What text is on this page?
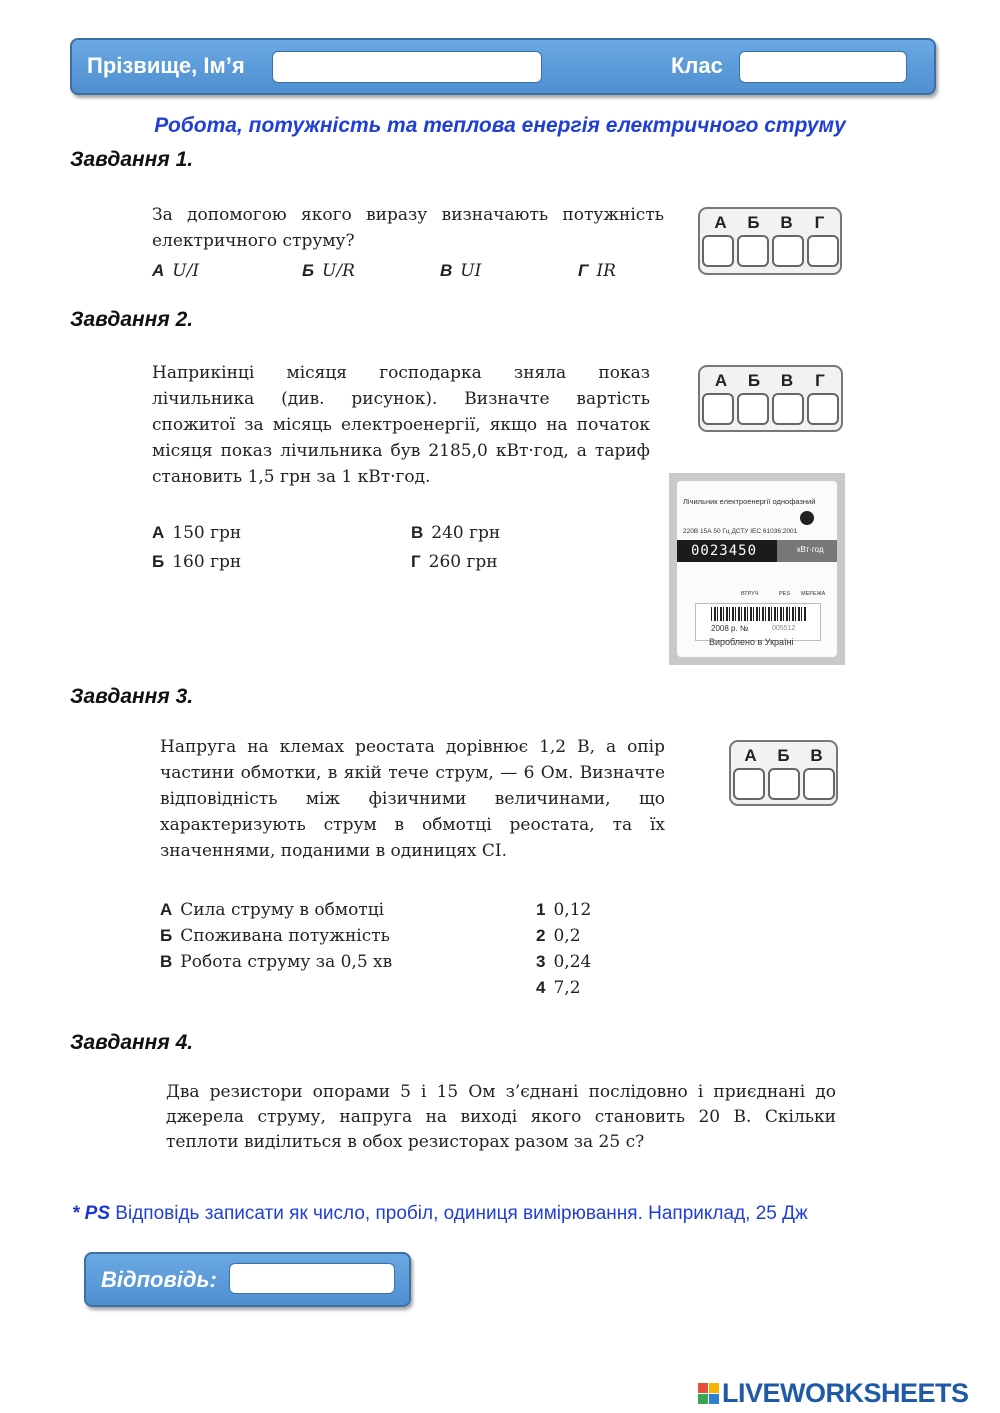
Прізвище, Ім’я	Клас
Робота, потужність та теплова енергія електричного струму
Завдання 1.
За допомогою якого виразу визначають потужність електричного струму?
А U/I	Б U/R	В UI	Г IR
А	Б	В	Г
Завдання 2.
Наприкінці місяця господарка зняла показ лічильника (див. рисунок). Визначте вартість спожитої за місяць електроенергії, якщо на початок місяця показ лічильника був 2185,0 кВт·год, а тариф становить 1,5 грн за 1 кВт·год.
А 150 грн
Б 160 грн
В 240 грн
Г 260 грн
А	Б	В	Г
Лічильник електроенергії однофазний
220В 15А 50 Гц ДСТУ IEC 61036:2001
0023450	кВт·год
ВТРУЧ	PES МЕРЕЖА
2008 р. №	005512
Вироблено в Україні
Завдання 3.
Напруга на клемах реостата дорівнює 1,2 В, а опір частини обмотки, в якій тече струм, — 6 Ом. Визначте відповідність між фізичними величинами, що характеризують струм в обмотці реостата, та їх значеннями, поданими в одиницях СІ.
А Сила струму в обмотці
Б Споживана потужність
В Робота струму за 0,5 хв
1 0,12
2 0,2
3 0,24
4 7,2
А	Б	В
Завдання 4.
Два резистори опорами 5 і 15 Ом з’єднані послідовно і приєднані до джерела струму, напруга на виході якого становить 20 В. Скільки теплоти виділиться в обох резисторах разом за 25 с?
* PS Відповідь записати як число, пробіл, одиниця вимірювання. Наприклад, 25 Дж
Відповідь:
LIVEWORKSHEETS
